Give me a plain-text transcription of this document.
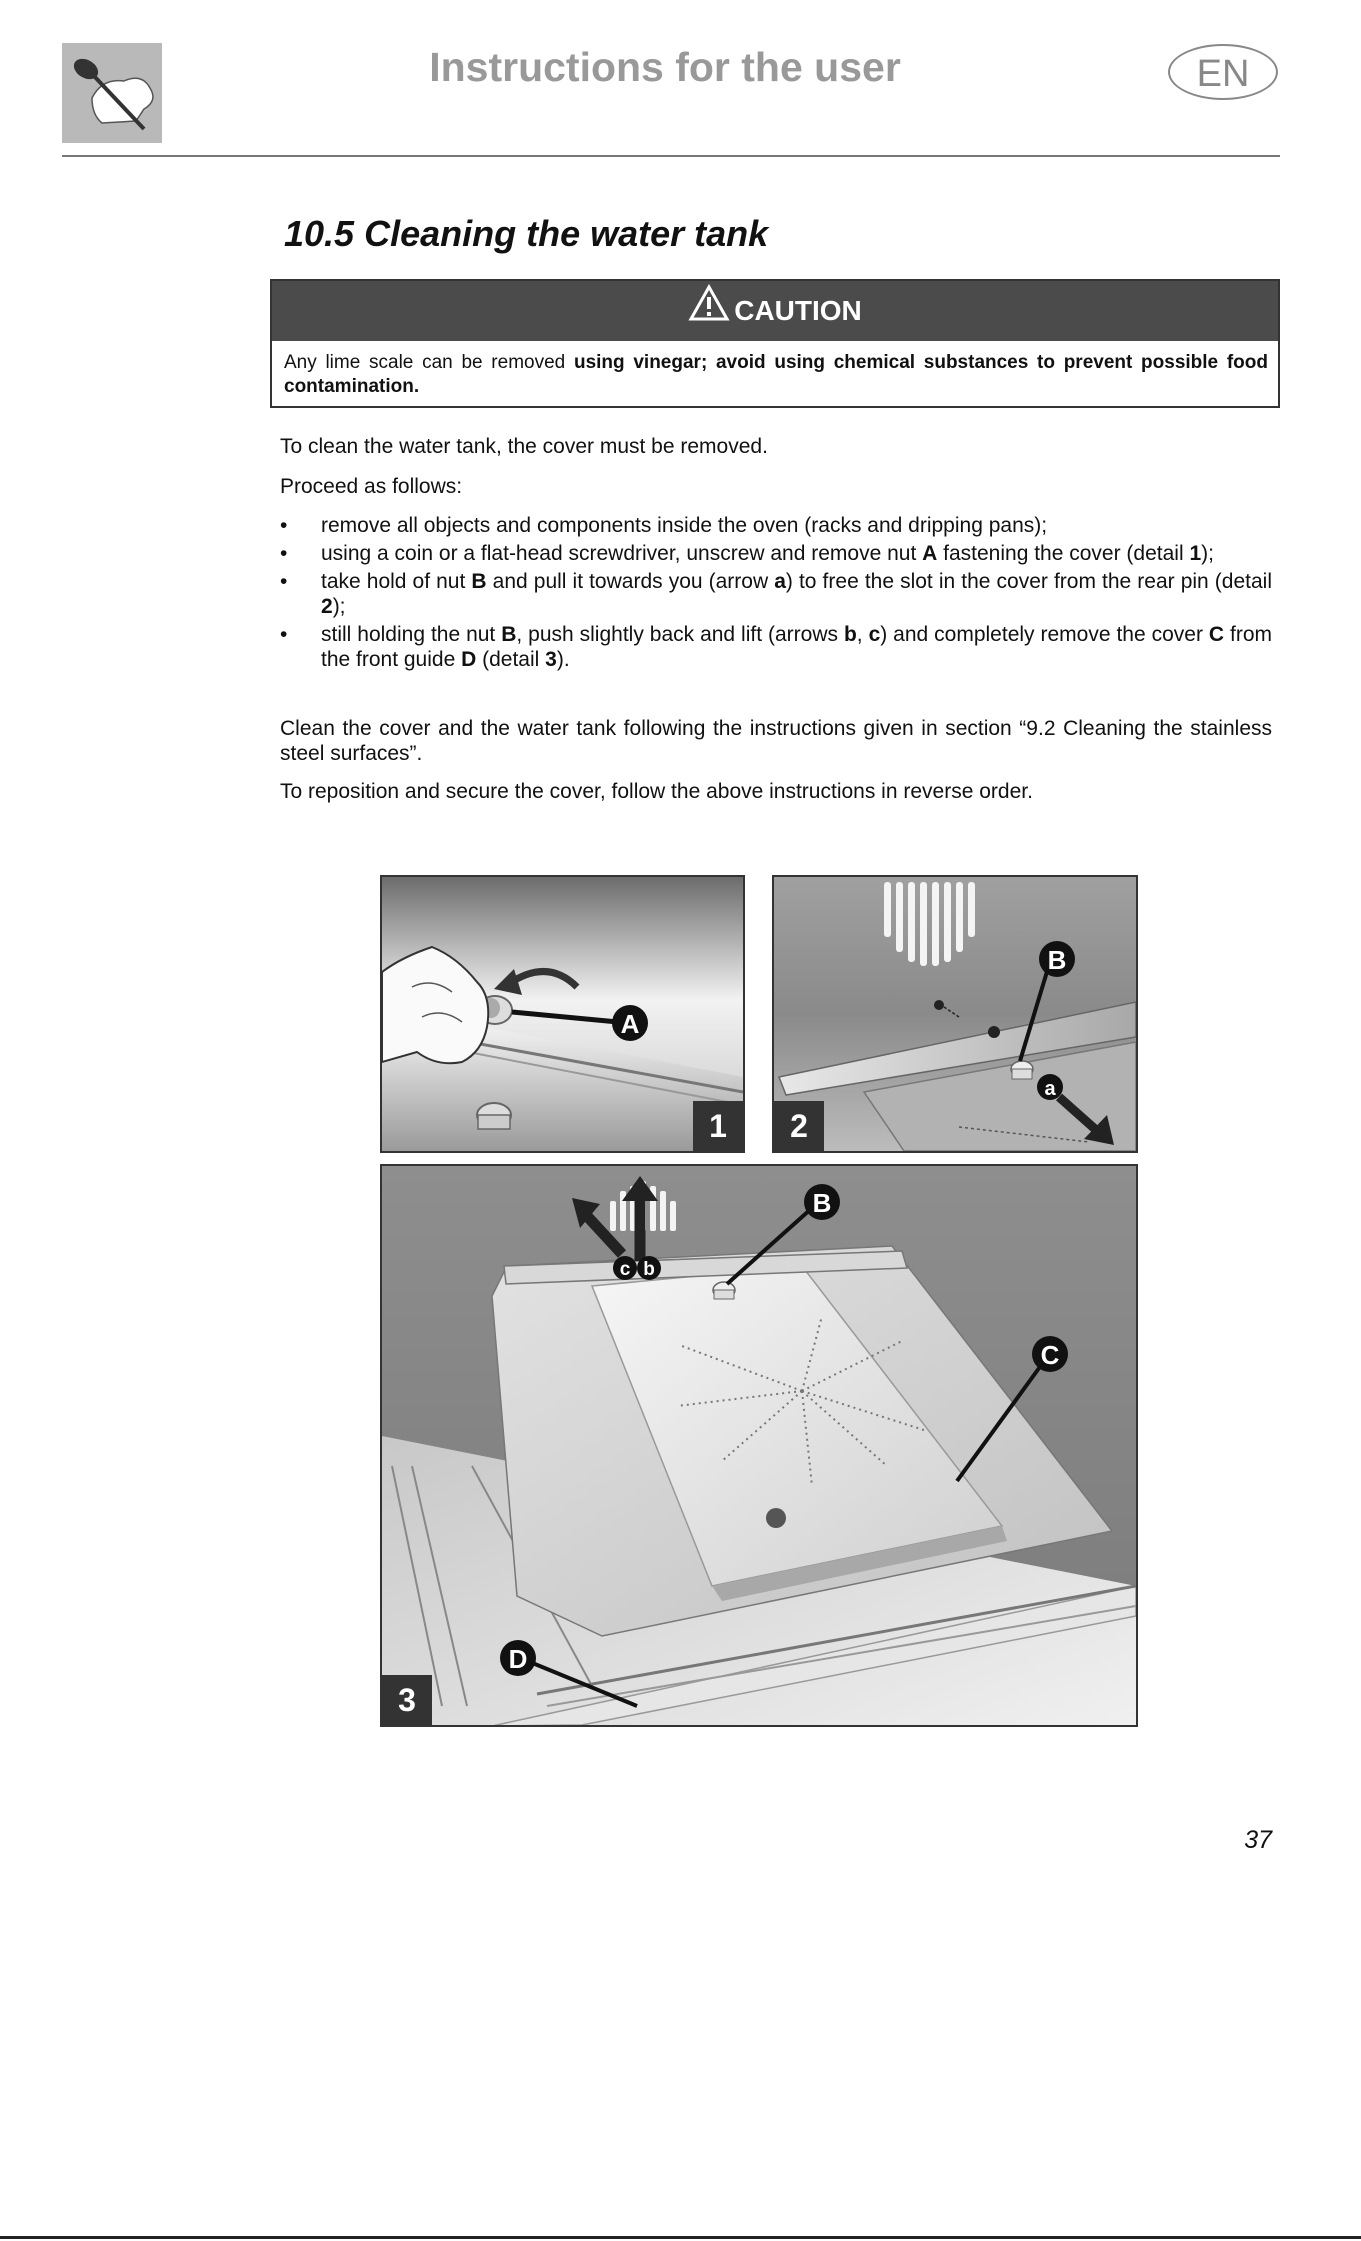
Instructions for the user	EN
10.5 Cleaning the water tank
CAUTION
Any lime scale can be removed using vinegar; avoid using chemical substances to prevent possible food contamination.
To clean the water tank, the cover must be removed.
Proceed as follows:
• remove all objects and components inside the oven (racks and dripping pans);
• using a coin or a flat-head screwdriver, unscrew and remove nut A fastening the cover (detail 1);
• take hold of nut B and pull it towards you (arrow a) to free the slot in the cover from the rear pin (detail 2);
• still holding the nut B, push slightly back and lift (arrows b, c) and completely remove the cover C from the front guide D (detail 3).
Clean the cover and the water tank following the instructions given in section “9.2 Cleaning the stainless steel surfaces”.
To reposition and secure the cover, follow the above instructions in reverse order.
A
1
B
a
2
c b
B
C
D
3
37
